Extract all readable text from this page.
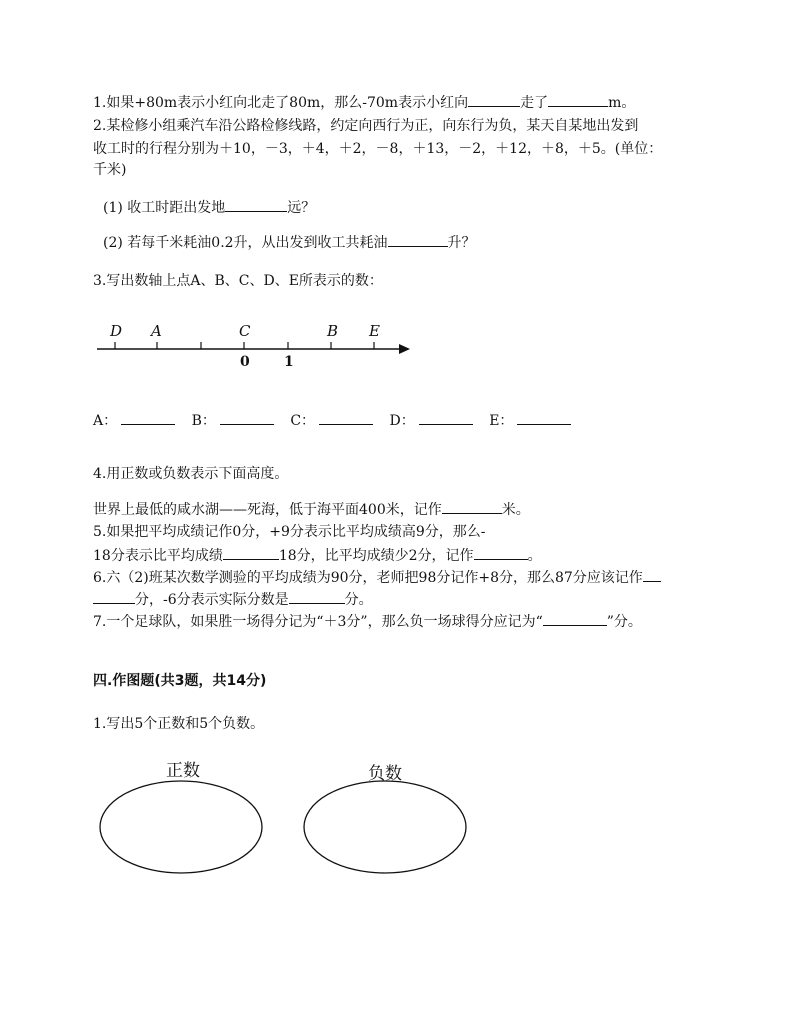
1.如果+80m表示小红向北走了80m，那么-70m表示小红向	走了	m。
2.某检修小组乘汽车沿公路检修线路，约定向西行为正，向东行为负，某天自某地出发到
收工时的行程分别为＋10，－3，＋4，＋2，－8，＋13，－2，＋12，＋8，＋5。(单位：
千米)
(1) 收工时距出发地	远？
(2) 若每千米耗油0.2升，从出发到收工共耗油	升？
3.写出数轴上点A、B、C、D、E所表示的数：
D A	C	B E
0 1
A：	B：	C：	D：	E：
4.用正数或负数表示下面高度。
世界上最低的咸水湖——死海，低于海平面400米，记作	米。
5.如果把平均成绩记作0分，+9分表示比平均成绩高9分，那么-
18分表示比平均成绩	18分，比平均成绩少2分，记作	。
6.六（2)班某次数学测验的平均成绩为90分，老师把98分记作+8分，那么87分应该记作
分，-6分表示实际分数是	分。
7.一个足球队，如果胜一场得分记为“＋3分”，那么负一场球得分应记为“	”分。
四.作图题(共3题，共14分)
1.写出5个正数和5个负数。
正数	负数
